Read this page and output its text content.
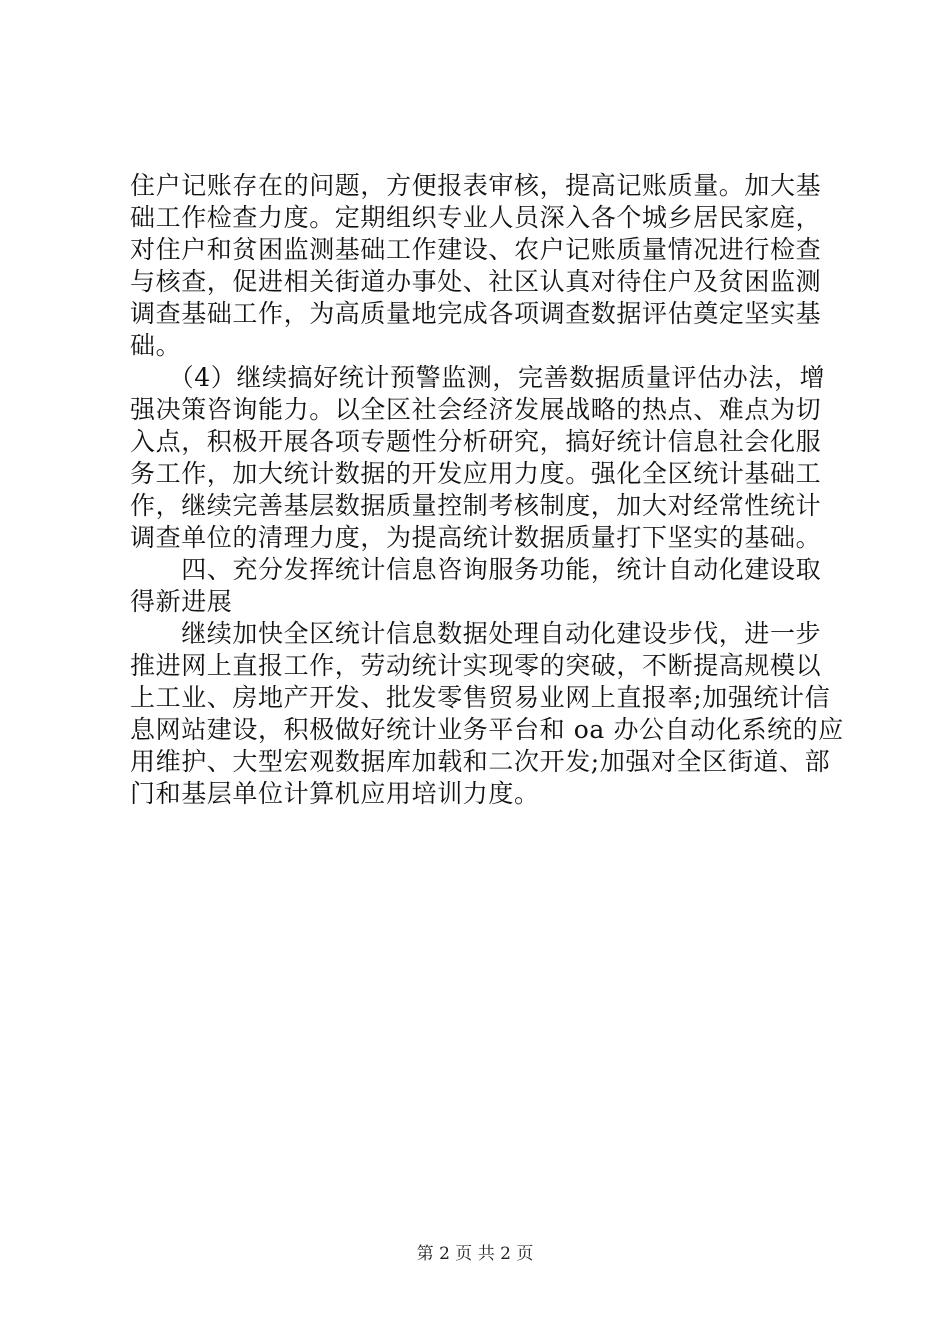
住户记账存在的问题，方便报表审核，提高记账质量。加大基
础工作检查力度。定期组织专业人员深入各个城乡居民家庭，
对住户和贫困监测基础工作建设、农户记账质量情况进行检查
与核查，促进相关街道办事处、社区认真对待住户及贫困监测
调查基础工作，为高质量地完成各项调查数据评估奠定坚实基
础。
　　（4）继续搞好统计预警监测，完善数据质量评估办法，增
强决策咨询能力。以全区社会经济发展战略的热点、难点为切
入点，积极开展各项专题性分析研究，搞好统计信息社会化服
务工作，加大统计数据的开发应用力度。强化全区统计基础工
作，继续完善基层数据质量控制考核制度，加大对经常性统计
调查单位的清理力度，为提高统计数据质量打下坚实的基础。
　　四、充分发挥统计信息咨询服务功能，统计自动化建设取
得新进展
　　继续加快全区统计信息数据处理自动化建设步伐，进一步
推进网上直报工作，劳动统计实现零的突破，不断提高规模以
上工业、房地产开发、批发零售贸易业网上直报率;加强统计信
息网站建设，积极做好统计业务平台和 oa 办公自动化系统的应
用维护、大型宏观数据库加载和二次开发;加强对全区街道、部
门和基层单位计算机应用培训力度。
第 2 页 共 2 页
